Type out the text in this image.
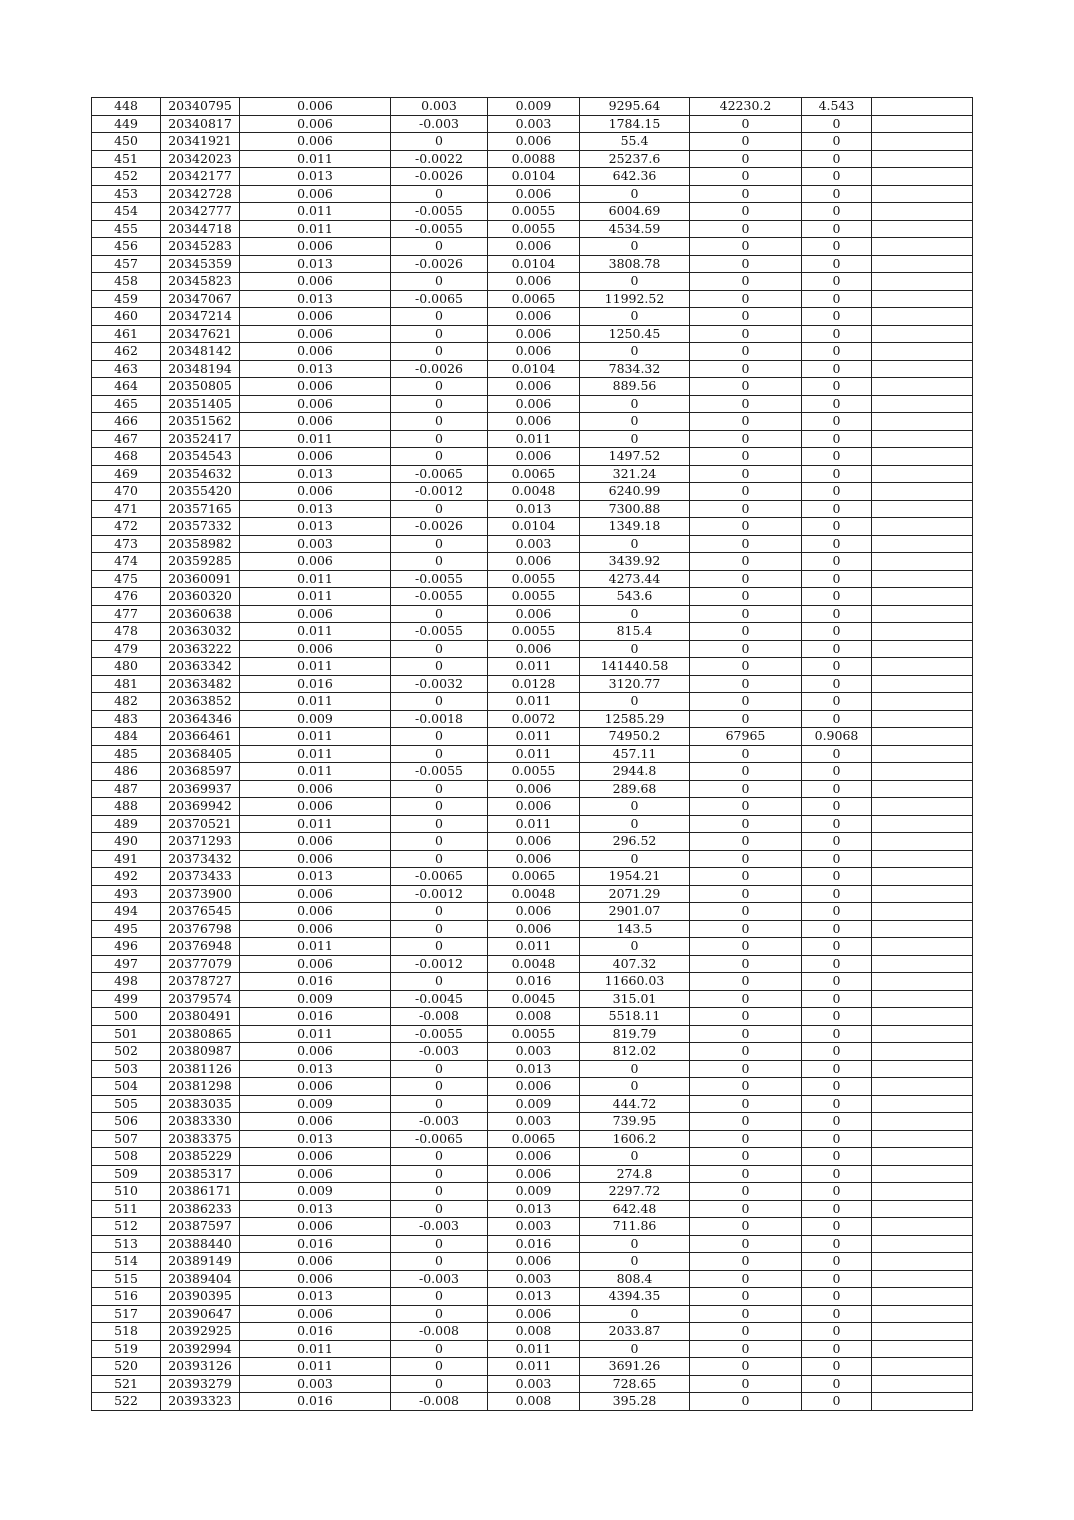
448	20340795	0.006	0.003	0.009	9295.64	42230.2	4.543	
449	20340817	0.006	-0.003	0.003	1784.15	0	0	
450	20341921	0.006	0	0.006	55.4	0	0	
451	20342023	0.011	-0.0022	0.0088	25237.6	0	0	
452	20342177	0.013	-0.0026	0.0104	642.36	0	0	
453	20342728	0.006	0	0.006	0	0	0	
454	20342777	0.011	-0.0055	0.0055	6004.69	0	0	
455	20344718	0.011	-0.0055	0.0055	4534.59	0	0	
456	20345283	0.006	0	0.006	0	0	0	
457	20345359	0.013	-0.0026	0.0104	3808.78	0	0	
458	20345823	0.006	0	0.006	0	0	0	
459	20347067	0.013	-0.0065	0.0065	11992.52	0	0	
460	20347214	0.006	0	0.006	0	0	0	
461	20347621	0.006	0	0.006	1250.45	0	0	
462	20348142	0.006	0	0.006	0	0	0	
463	20348194	0.013	-0.0026	0.0104	7834.32	0	0	
464	20350805	0.006	0	0.006	889.56	0	0	
465	20351405	0.006	0	0.006	0	0	0	
466	20351562	0.006	0	0.006	0	0	0	
467	20352417	0.011	0	0.011	0	0	0	
468	20354543	0.006	0	0.006	1497.52	0	0	
469	20354632	0.013	-0.0065	0.0065	321.24	0	0	
470	20355420	0.006	-0.0012	0.0048	6240.99	0	0	
471	20357165	0.013	0	0.013	7300.88	0	0	
472	20357332	0.013	-0.0026	0.0104	1349.18	0	0	
473	20358982	0.003	0	0.003	0	0	0	
474	20359285	0.006	0	0.006	3439.92	0	0	
475	20360091	0.011	-0.0055	0.0055	4273.44	0	0	
476	20360320	0.011	-0.0055	0.0055	543.6	0	0	
477	20360638	0.006	0	0.006	0	0	0	
478	20363032	0.011	-0.0055	0.0055	815.4	0	0	
479	20363222	0.006	0	0.006	0	0	0	
480	20363342	0.011	0	0.011	141440.58	0	0	
481	20363482	0.016	-0.0032	0.0128	3120.77	0	0	
482	20363852	0.011	0	0.011	0	0	0	
483	20364346	0.009	-0.0018	0.0072	12585.29	0	0	
484	20366461	0.011	0	0.011	74950.2	67965	0.9068	
485	20368405	0.011	0	0.011	457.11	0	0	
486	20368597	0.011	-0.0055	0.0055	2944.8	0	0	
487	20369937	0.006	0	0.006	289.68	0	0	
488	20369942	0.006	0	0.006	0	0	0	
489	20370521	0.011	0	0.011	0	0	0	
490	20371293	0.006	0	0.006	296.52	0	0	
491	20373432	0.006	0	0.006	0	0	0	
492	20373433	0.013	-0.0065	0.0065	1954.21	0	0	
493	20373900	0.006	-0.0012	0.0048	2071.29	0	0	
494	20376545	0.006	0	0.006	2901.07	0	0	
495	20376798	0.006	0	0.006	143.5	0	0	
496	20376948	0.011	0	0.011	0	0	0	
497	20377079	0.006	-0.0012	0.0048	407.32	0	0	
498	20378727	0.016	0	0.016	11660.03	0	0	
499	20379574	0.009	-0.0045	0.0045	315.01	0	0	
500	20380491	0.016	-0.008	0.008	5518.11	0	0	
501	20380865	0.011	-0.0055	0.0055	819.79	0	0	
502	20380987	0.006	-0.003	0.003	812.02	0	0	
503	20381126	0.013	0	0.013	0	0	0	
504	20381298	0.006	0	0.006	0	0	0	
505	20383035	0.009	0	0.009	444.72	0	0	
506	20383330	0.006	-0.003	0.003	739.95	0	0	
507	20383375	0.013	-0.0065	0.0065	1606.2	0	0	
508	20385229	0.006	0	0.006	0	0	0	
509	20385317	0.006	0	0.006	274.8	0	0	
510	20386171	0.009	0	0.009	2297.72	0	0	
511	20386233	0.013	0	0.013	642.48	0	0	
512	20387597	0.006	-0.003	0.003	711.86	0	0	
513	20388440	0.016	0	0.016	0	0	0	
514	20389149	0.006	0	0.006	0	0	0	
515	20389404	0.006	-0.003	0.003	808.4	0	0	
516	20390395	0.013	0	0.013	4394.35	0	0	
517	20390647	0.006	0	0.006	0	0	0	
518	20392925	0.016	-0.008	0.008	2033.87	0	0	
519	20392994	0.011	0	0.011	0	0	0	
520	20393126	0.011	0	0.011	3691.26	0	0	
521	20393279	0.003	0	0.003	728.65	0	0	
522	20393323	0.016	-0.008	0.008	395.28	0	0	
